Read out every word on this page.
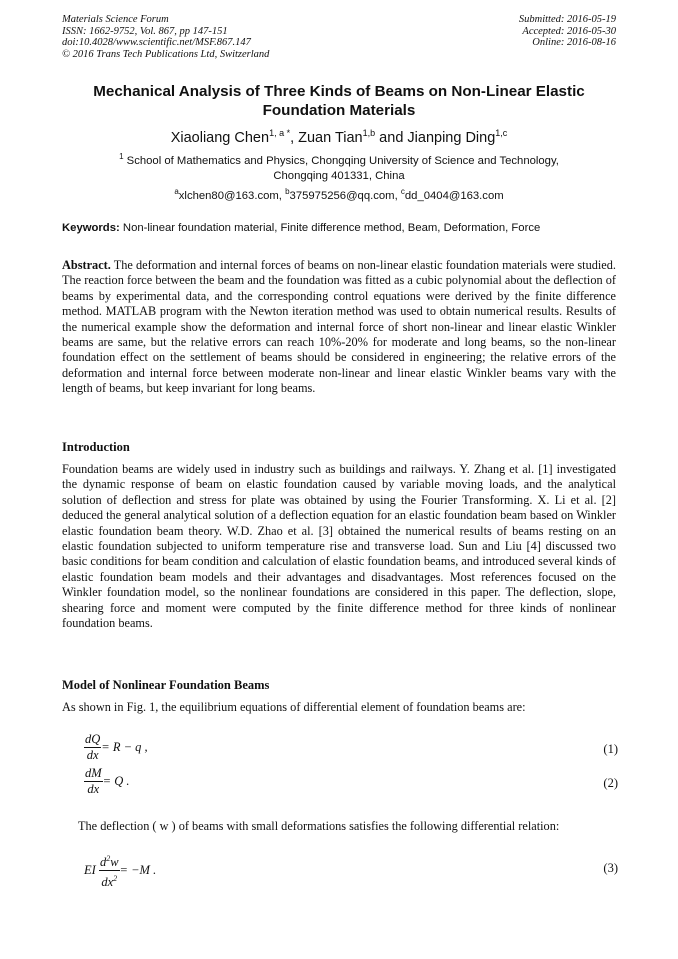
Materials Science Forum
ISSN: 1662-9752, Vol. 867, pp 147-151
doi:10.4028/www.scientific.net/MSF.867.147
© 2016 Trans Tech Publications Ltd, Switzerland
Submitted: 2016-05-19
Accepted: 2016-05-30
Online: 2016-08-16
Mechanical Analysis of Three Kinds of Beams on Non-Linear Elastic
Foundation Materials
Xiaoliang Chen$^{1, a *}$, Zuan Tian$^{1,b}$ and Jianping Ding$^{1,c}$
$^1$ School of Mathematics and Physics, Chongqing University of Science and Technology,
Chongqing 401331, China
$^a$xlchen80@163.com, $^b$375975256@qq.com, $^c$dd_0404@163.com
Keywords: Non-linear foundation material, Finite difference method, Beam, Deformation, Force
Abstract. The deformation and internal forces of beams on non-linear elastic foundation materials were studied. The reaction force between the beam and the foundation was fitted as a cubic polynomial about the deflection of beams by experimental data, and the corresponding control equations were derived by the finite difference method. MATLAB program with the Newton iteration method was used to obtain numerical results. Results of the numerical example show the deformation and internal force of short non-linear and linear elastic Winkler beams are same, but the relative errors can reach 10%-20% for moderate and long beams, so the non-linear foundation effect on the settlement of beams should be considered in engineering; the relative errors of the deformation and internal force between moderate non-linear and linear elastic Winkler beams vary with the length of beams, but keep invariant for long beams.
Introduction
Foundation beams are widely used in industry such as buildings and railways. Y. Zhang et al. [1] investigated the dynamic response of beam on elastic foundation caused by variable moving loads, and the analytical solution of deflection and stress for plate was obtained by using the Fourier Transforming. X. Li et al. [2] deduced the general analytical solution of a deflection equation for an elastic foundation beam based on Winkler elastic foundation beam theory. W.D. Zhao et al. [3] obtained the numerical results of beams resting on an elastic foundation subjected to uniform temperature rise and transverse load. Sun and Liu [4] discussed two basic conditions for beam condition and calculation of elastic foundation beams, and introduced several kinds of elastic foundation beam models and their advantages and disadvantages. Most references focused on the Winkler foundation model, so the nonlinear foundations are considered in this paper. The deflection, slope, shearing force and moment were computed by the finite difference method for three kinds of nonlinear foundation beams.
Model of Nonlinear Foundation Beams
As shown in Fig. 1, the equilibrium equations of differential element of foundation beams are:
$\frac{dQ}{dx} = R - q$ ,	(1)
$\frac{dM}{dx} = Q$ .	(2)
The deflection ( w ) of beams with small deformations satisfies the following differential relation:
EI $\frac{d^2w}{dx^2} = -M$ .	(3)
